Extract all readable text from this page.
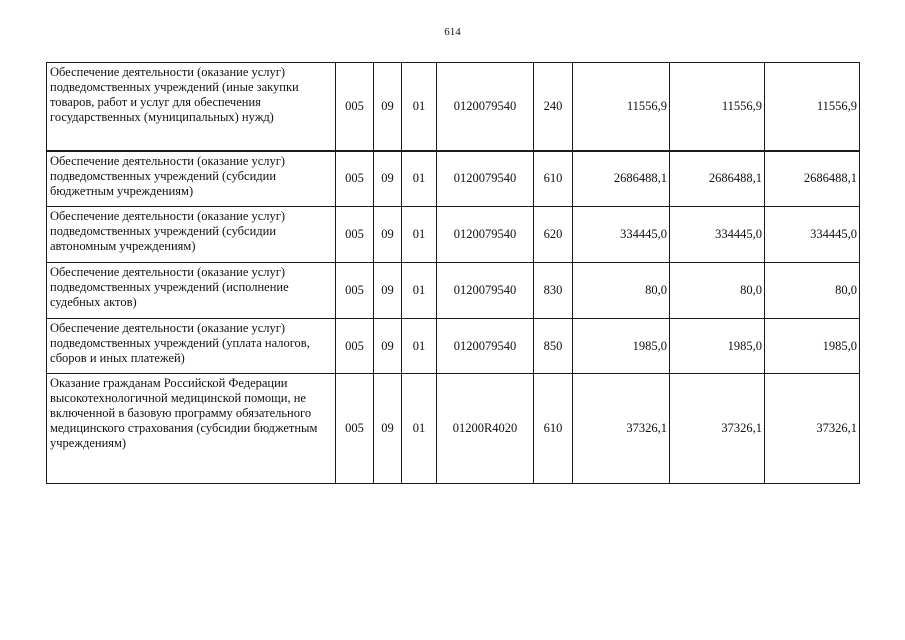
614
Обеспечение деятельности (оказание услуг) подведомственных учреждений (иные закупки товаров, работ и услуг для обеспечения государственных (муниципальных) нужд)	005	09	01	0120079540	240	11556,9	11556,9	11556,9
Обеспечение деятельности (оказание услуг) подведомственных учреждений (субсидии бюджетным учреждениям)	005	09	01	0120079540	610	2686488,1	2686488,1	2686488,1
Обеспечение деятельности (оказание услуг) подведомственных учреждений (субсидии автономным учреждениям)	005	09	01	0120079540	620	334445,0	334445,0	334445,0
Обеспечение деятельности (оказание услуг) подведомственных учреждений (исполнение судебных актов)	005	09	01	0120079540	830	80,0	80,0	80,0
Обеспечение деятельности (оказание услуг) подведомственных учреждений (уплата налогов, сборов и иных платежей)	005	09	01	0120079540	850	1985,0	1985,0	1985,0
Оказание гражданам Российской Федерации высокотехнологичной медицинской помощи, не включенной в базовую программу обязательного медицинского страхования (субсидии бюджетным учреждениям)	005	09	01	01200R4020	610	37326,1	37326,1	37326,1
